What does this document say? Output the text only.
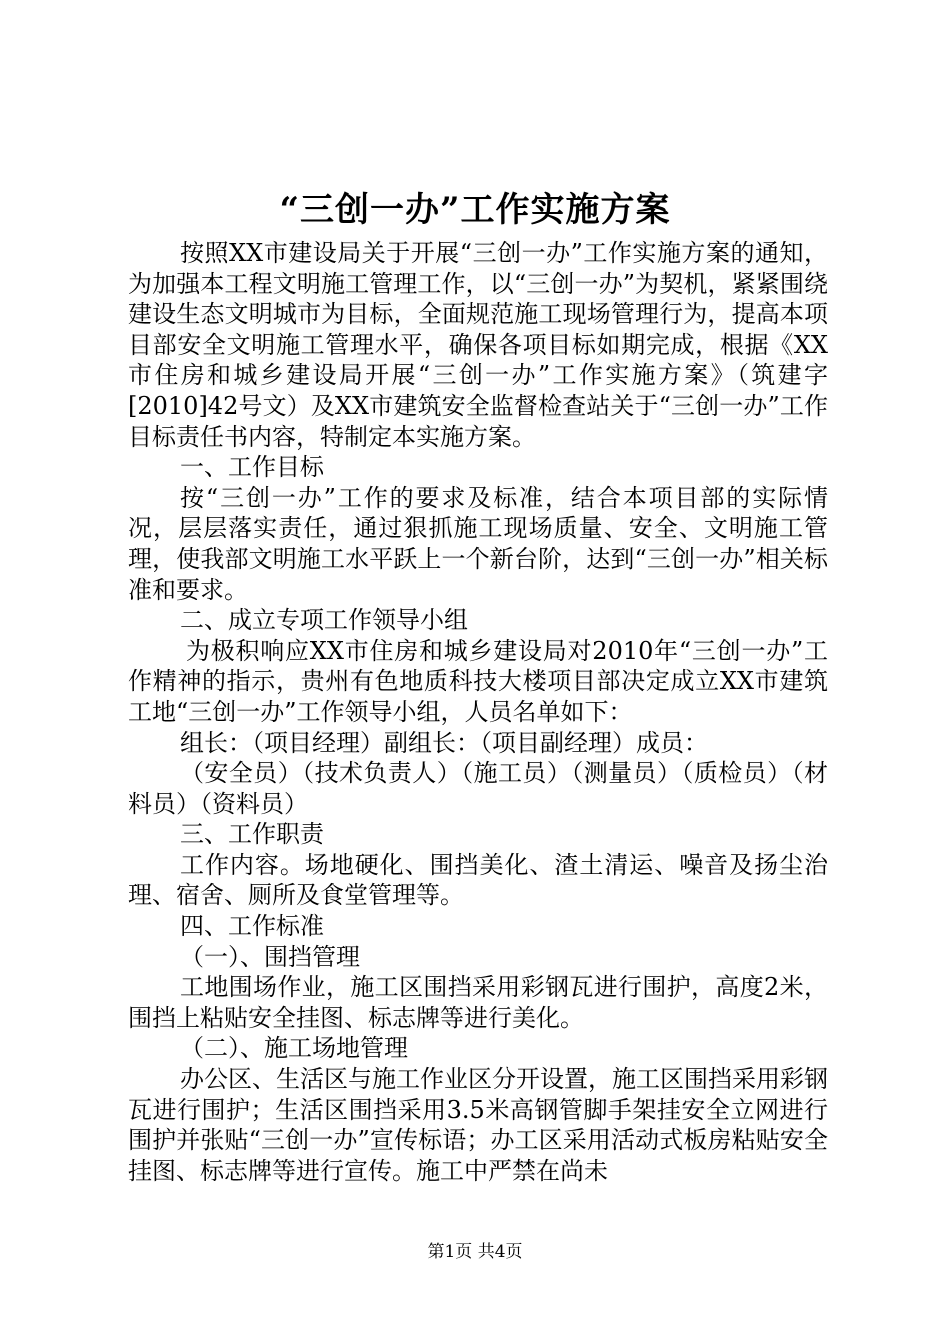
“三创一办”工作实施方案

按照XX市建设局关于开展“三创一办”工作实施方案的通知，为加强本工程文明施工管理工作，以“三创一办”为契机，紧紧围绕建设生态文明城市为目标，全面规范施工现场管理行为，提高本项目部安全文明施工管理水平，确保各项目标如期完成，根据《XX市住房和城乡建设局开展“三创一办”工作实施方案》（筑建字[2010]42号文）及XX市建筑安全监督检查站关于“三创一办”工作目标责任书内容，特制定本实施方案。

一、工作目标

按“三创一办”工作的要求及标准，结合本项目部的实际情况，层层落实责任，通过狠抓施工现场质量、安全、文明施工管理，使我部文明施工水平跃上一个新台阶，达到“三创一办”相关标准和要求。

二、成立专项工作领导小组

为极积响应XX市住房和城乡建设局对2010年“三创一办”工作精神的指示，贵州有色地质科技大楼项目部决定成立XX市建筑工地“三创一办”工作领导小组，人员名单如下：

组长：（项目经理）副组长：（项目副经理）成员：

（安全员）（技术负责人）（施工员）（测量员）（质检员）（材料员）（资料员）

三、工作职责

工作内容。场地硬化、围挡美化、渣土清运、噪音及扬尘治理、宿舍、厕所及食堂管理等。

四、工作标准

（一）、围挡管理

工地围场作业，施工区围挡采用彩钢瓦进行围护，高度2米，围挡上粘贴安全挂图、标志牌等进行美化。

（二）、施工场地管理

办公区、生活区与施工作业区分开设置，施工区围挡采用彩钢瓦进行围护；生活区围挡采用3.5米高钢管脚手架挂安全立网进行围护并张贴“三创一办”宣传标语；办工区采用活动式板房粘贴安全挂图、标志牌等进行宣传。施工中严禁在尚未

第1页 共4页
